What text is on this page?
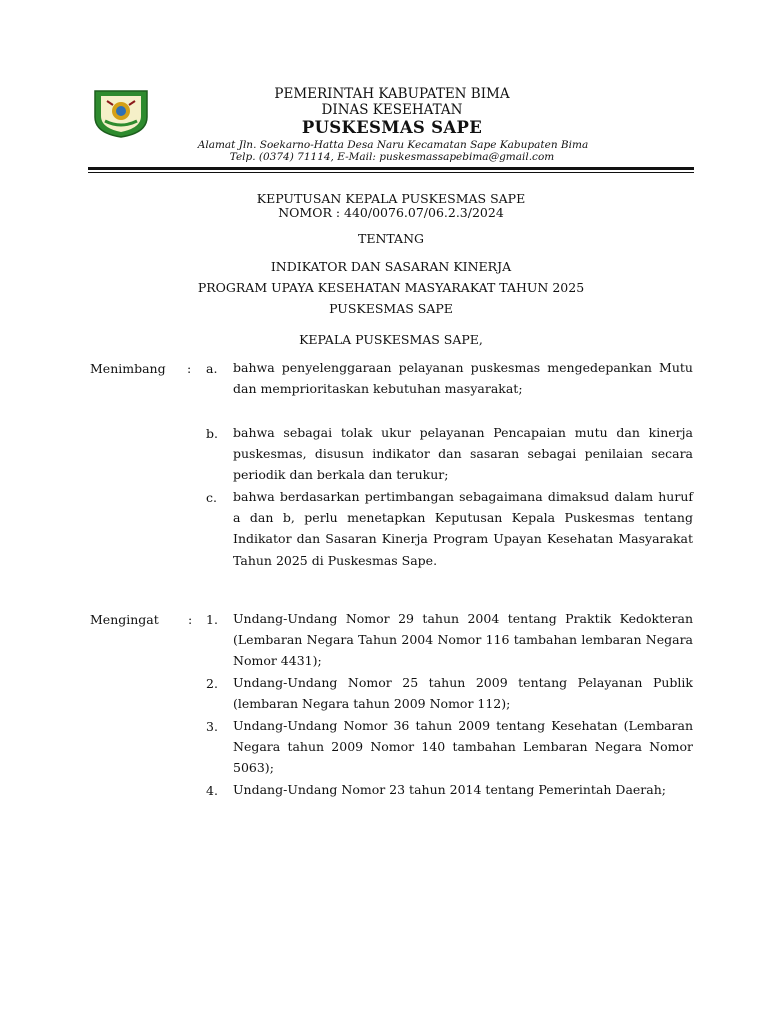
PEMERINTAH KABUPATEN BIMA
DINAS KESEHATAN
PUSKESMAS SAPE
Alamat Jln. Soekarno-Hatta Desa Naru Kecamatan Sape Kabupaten Bima
Telp. (0374) 71114, E-Mail: puskesmassapebima@gmail.com
KEPUTUSAN KEPALA PUSKESMAS SAPE
NOMOR : 440/0076.07/06.2.3/2024
TENTANG
INDIKATOR DAN SASARAN KINERJA
PROGRAM UPAYA KESEHATAN MASYARAKAT TAHUN 2025
PUSKESMAS SAPE
KEPALA PUSKESMAS SAPE,
Menimbang : a. bahwa penyelenggaraan pelayanan puskesmas mengedepankan Mutu dan memprioritaskan kebutuhan masyarakat;

b. bahwa sebagai tolak ukur pelayanan Pencapaian mutu dan kinerja puskesmas, disusun indikator dan sasaran sebagai penilaian secara periodik dan berkala dan terukur;

c. bahwa berdasarkan pertimbangan sebagaimana dimaksud dalam huruf a dan b, perlu menetapkan Keputusan Kepala Puskesmas tentang Indikator dan Sasaran Kinerja Program Upayan Kesehatan Masyarakat Tahun 2025 di Puskesmas Sape.

Mengingat : 1. Undang-Undang Nomor 29 tahun 2004 tentang Praktik Kedokteran (Lembaran Negara Tahun 2004 Nomor 116 tambahan lembaran Negara Nomor 4431);

2. Undang-Undang Nomor 25 tahun 2009 tentang Pelayanan Publik (lembaran Negara tahun 2009 Nomor 112);

3. Undang-Undang Nomor 36 tahun 2009 tentang Kesehatan (Lembaran Negara tahun 2009 Nomor 140 tambahan Lembaran Negara Nomor 5063);

4. Undang-Undang Nomor 23 tahun 2014 tentang Pemerintah Daerah;
